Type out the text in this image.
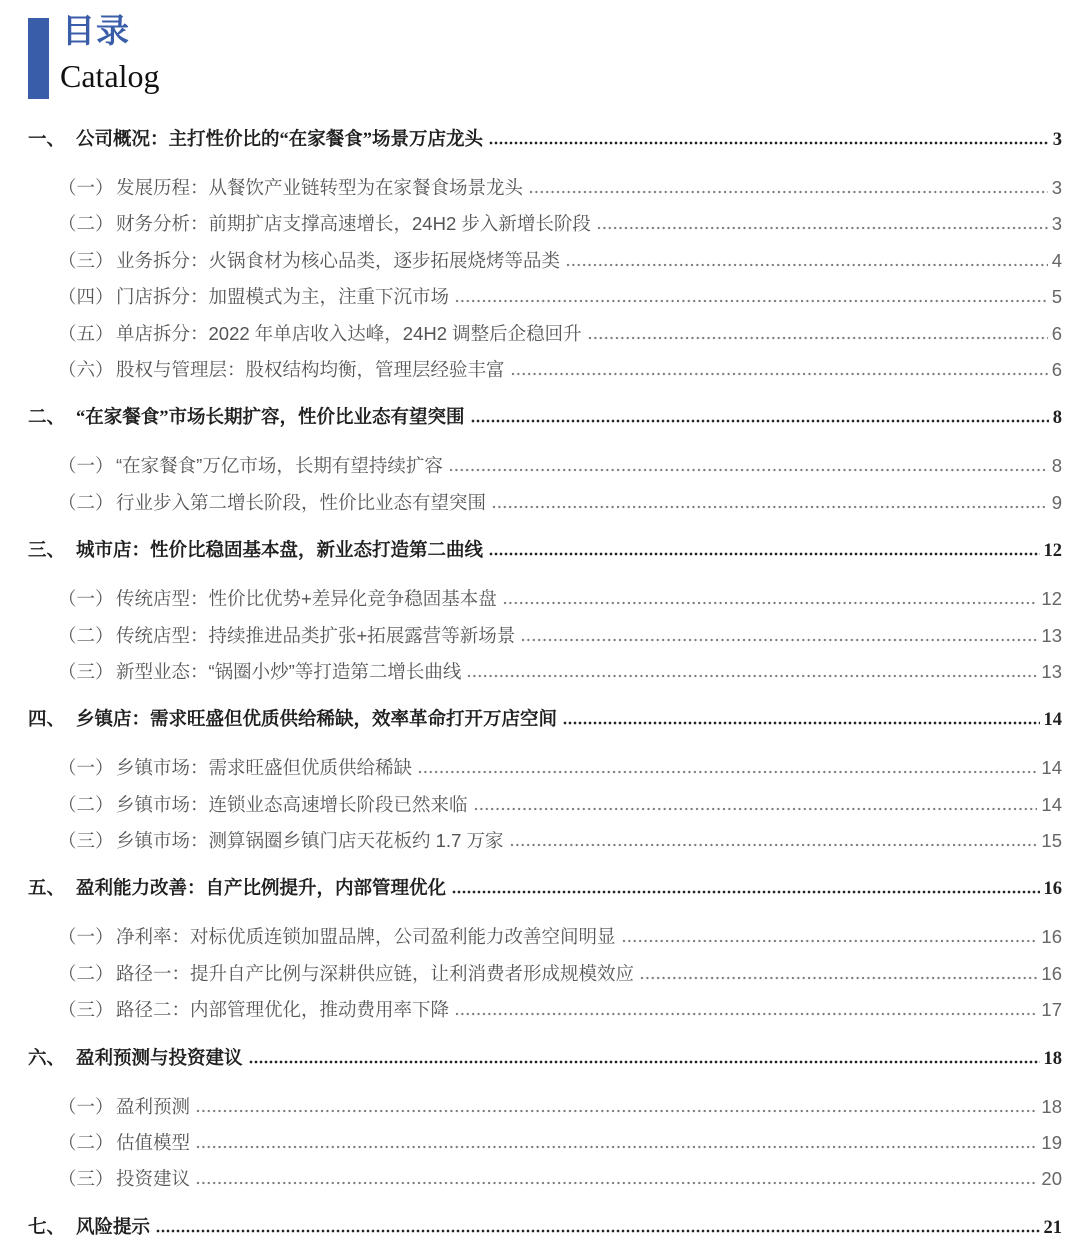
目录
Catalog
一、 公司概况：主打性价比的“在家餐食”场景万店龙头	3
（一） 发展历程：从餐饮产业链转型为在家餐食场景龙头	3
（二） 财务分析：前期扩店支撑高速增长，24H2 步入新增长阶段	3
（三） 业务拆分：火锅食材为核心品类，逐步拓展烧烤等品类	4
（四） 门店拆分：加盟模式为主，注重下沉市场	5
（五） 单店拆分：2022 年单店收入达峰，24H2 调整后企稳回升	6
（六） 股权与管理层：股权结构均衡，管理层经验丰富	6
二、 “在家餐食”市场长期扩容，性价比业态有望突围	8
（一） “在家餐食”万亿市场，长期有望持续扩容	8
（二） 行业步入第二增长阶段，性价比业态有望突围	9
三、 城市店：性价比稳固基本盘，新业态打造第二曲线	12
（一） 传统店型：性价比优势+差异化竞争稳固基本盘	12
（二） 传统店型：持续推进品类扩张+拓展露营等新场景	13
（三） 新型业态：“锅圈小炒”等打造第二增长曲线	13
四、 乡镇店：需求旺盛但优质供给稀缺，效率革命打开万店空间	14
（一） 乡镇市场：需求旺盛但优质供给稀缺	14
（二） 乡镇市场：连锁业态高速增长阶段已然来临	14
（三） 乡镇市场：测算锅圈乡镇门店天花板约 1.7 万家	15
五、 盈利能力改善：自产比例提升，内部管理优化	16
（一） 净利率：对标优质连锁加盟品牌，公司盈利能力改善空间明显	16
（二） 路径一：提升自产比例与深耕供应链，让利消费者形成规模效应	16
（三） 路径二：内部管理优化，推动费用率下降	17
六、 盈利预测与投资建议	18
（一） 盈利预测	18
（二） 估值模型	19
（三） 投资建议	20
七、 风险提示	21
